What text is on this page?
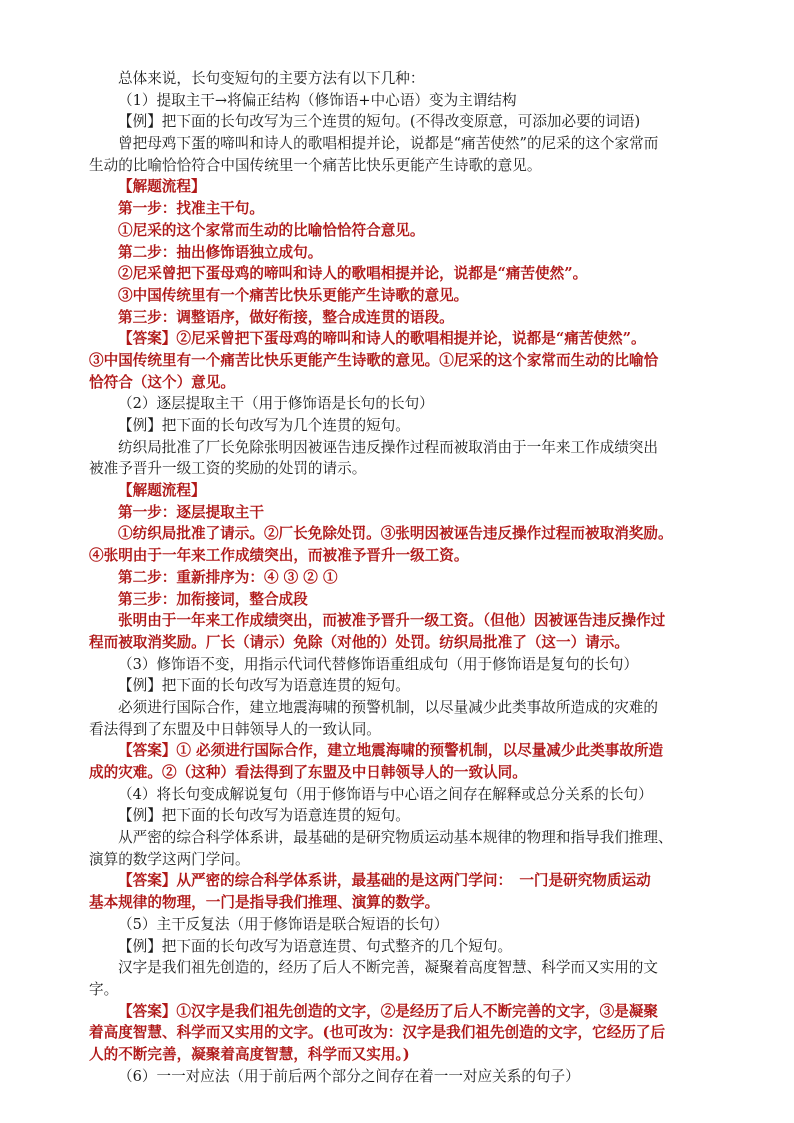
总体来说，长句变短句的主要方法有以下几种：
（1）提取主干→将偏正结构（修饰语+中心语）变为主谓结构
【例】把下面的长句改写为三个连贯的短句。(不得改变原意，可添加必要的词语)
曾把母鸡下蛋的啼叫和诗人的歌唱相提并论，说都是“痛苦使然”的尼采的这个家常而
生动的比喻恰恰符合中国传统里一个痛苦比快乐更能产生诗歌的意见。
【解题流程】
第一步：找准主干句。
①尼采的这个家常而生动的比喻恰恰符合意见。
第二步：抽出修饰语独立成句。
②尼采曾把下蛋母鸡的啼叫和诗人的歌唱相提并论，说都是“痛苦使然”。
③中国传统里有一个痛苦比快乐更能产生诗歌的意见。
第三步：调整语序，做好衔接，整合成连贯的语段。
【答案】②尼采曾把下蛋母鸡的啼叫和诗人的歌唱相提并论，说都是“痛苦使然”。
③中国传统里有一个痛苦比快乐更能产生诗歌的意见。①尼采的这个家常而生动的比喻恰
恰符合（这个）意见。
（2）逐层提取主干（用于修饰语是长句的长句）
【例】把下面的长句改写为几个连贯的短句。
纺织局批准了厂长免除张明因被诬告违反操作过程而被取消由于一年来工作成绩突出
被准予晋升一级工资的奖励的处罚的请示。
【解题流程】
第一步：逐层提取主干
①纺织局批准了请示。②厂长免除处罚。③张明因被诬告违反操作过程而被取消奖励。
④张明由于一年来工作成绩突出，而被准予晋升一级工资。
第二步：重新排序为：④ ③ ② ①
第三步：加衔接词，整合成段
张明由于一年来工作成绩突出，而被准予晋升一级工资。（但他）因被诬告违反操作过
程而被取消奖励。厂长（请示）免除（对他的）处罚。纺织局批准了（这一）请示。
（3）修饰语不变，用指示代词代替修饰语重组成句（用于修饰语是复句的长句）
【例】把下面的长句改写为语意连贯的短句。
必须进行国际合作，建立地震海啸的预警机制，以尽量减少此类事故所造成的灾难的
看法得到了东盟及中日韩领导人的一致认同。
【答案】① 必须进行国际合作，建立地震海啸的预警机制，以尽量减少此类事故所造
成的灾难。②（这种）看法得到了东盟及中日韩领导人的一致认同。
（4）将长句变成解说复句（用于修饰语与中心语之间存在解释或总分关系的长句）
【例】把下面的长句改写为语意连贯的短句。
从严密的综合科学体系讲，最基础的是研究物质运动基本规律的物理和指导我们推理、
演算的数学这两门学问。
【答案】从严密的综合科学体系讲，最基础的是这两门学问：　一门是研究物质运动
基本规律的物理，一门是指导我们推理、演算的数学。
（5）主干反复法（用于修饰语是联合短语的长句）
【例】把下面的长句改写为语意连贯、句式整齐的几个短句。
汉字是我们祖先创造的，经历了后人不断完善，凝聚着高度智慧、科学而又实用的文
字。
【答案】①汉字是我们祖先创造的文字，②是经历了后人不断完善的文字，③是凝聚
着高度智慧、科学而又实用的文字。(也可改为：汉字是我们祖先创造的文字，它经历了后
人的不断完善，凝聚着高度智慧，科学而又实用。)
（6）一一对应法（用于前后两个部分之间存在着一一对应关系的句子）
